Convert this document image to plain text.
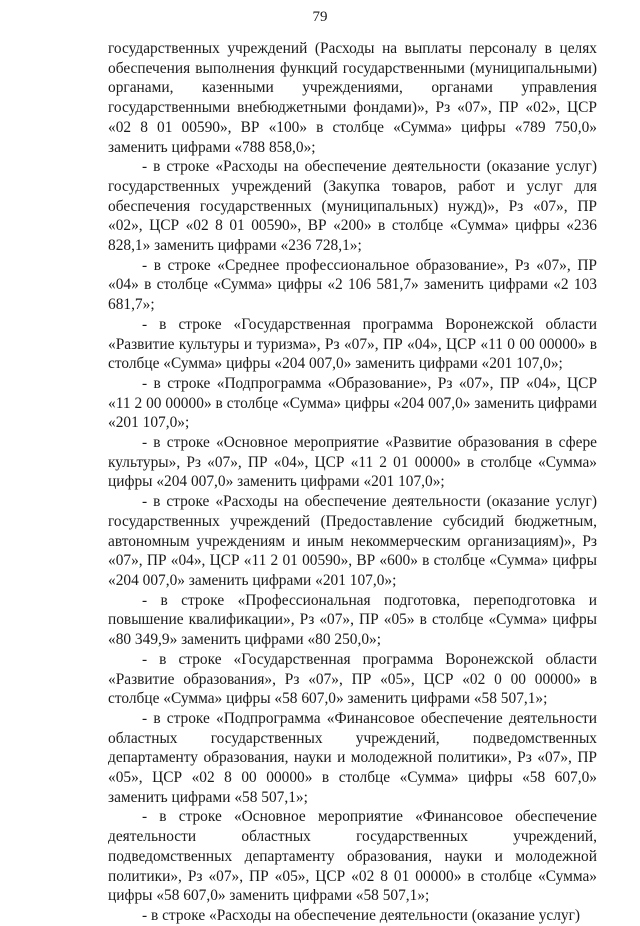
79

государственных учреждений (Расходы на выплаты персоналу в целях обеспечения выполнения функций государственными (муниципальными) органами, казенными учреждениями, органами управления государственными внебюджетными фондами)», Рз «07», ПР «02», ЦСР «02 8 01 00590», ВР «100» в столбце «Сумма» цифры «789 750,0» заменить цифрами «788 858,0»;

- в строке «Расходы на обеспечение деятельности (оказание услуг) государственных учреждений (Закупка товаров, работ и услуг для обеспечения государственных (муниципальных) нужд)», Рз «07», ПР «02», ЦСР «02 8 01 00590», ВР «200» в столбце «Сумма» цифры «236 828,1» заменить цифрами «236 728,1»;

- в строке «Среднее профессиональное образование», Рз «07», ПР «04» в столбце «Сумма» цифры «2 106 581,7» заменить цифрами «2 103 681,7»;

- в строке «Государственная программа Воронежской области «Развитие культуры и туризма», Рз «07», ПР «04», ЦСР «11 0 00 00000» в столбце «Сумма» цифры «204 007,0» заменить цифрами «201 107,0»;

- в строке «Подпрограмма «Образование», Рз «07», ПР «04», ЦСР «11 2 00 00000» в столбце «Сумма» цифры «204 007,0» заменить цифрами «201 107,0»;

- в строке «Основное мероприятие «Развитие образования в сфере культуры», Рз «07», ПР «04», ЦСР «11 2 01 00000» в столбце «Сумма» цифры «204 007,0» заменить цифрами «201 107,0»;

- в строке «Расходы на обеспечение деятельности (оказание услуг) государственных учреждений (Предоставление субсидий бюджетным, автономным учреждениям и иным некоммерческим организациям)», Рз «07», ПР «04», ЦСР «11 2 01 00590», ВР «600» в столбце «Сумма» цифры «204 007,0» заменить цифрами «201 107,0»;

- в строке «Профессиональная подготовка, переподготовка и повышение квалификации», Рз «07», ПР «05» в столбце «Сумма» цифры «80 349,9» заменить цифрами «80 250,0»;

- в строке «Государственная программа Воронежской области «Развитие образования», Рз «07», ПР «05», ЦСР «02 0 00 00000» в столбце «Сумма» цифры «58 607,0» заменить цифрами «58 507,1»;

- в строке «Подпрограмма «Финансовое обеспечение деятельности областных государственных учреждений, подведомственных департаменту образования, науки и молодежной политики», Рз «07», ПР «05», ЦСР «02 8 00 00000» в столбце «Сумма» цифры «58 607,0» заменить цифрами «58 507,1»;

- в строке «Основное мероприятие «Финансовое обеспечение деятельности областных государственных учреждений, подведомственных департаменту образования, науки и молодежной политики», Рз «07», ПР «05», ЦСР «02 8 01 00000» в столбце «Сумма» цифры «58 607,0» заменить цифрами «58 507,1»;

- в строке «Расходы на обеспечение деятельности (оказание услуг)
